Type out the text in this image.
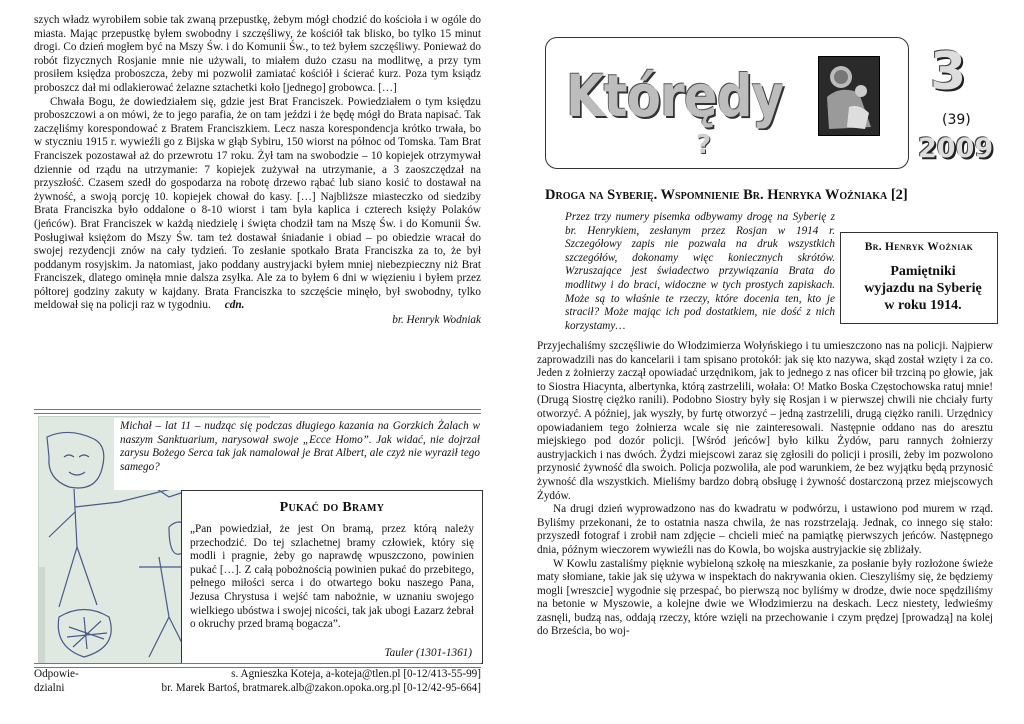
szych władz wyrobiłem sobie tak zwaną przepustkę, żebym mógł chodzić do kościoła i w ogóle do miasta. Mając przepustkę byłem swobodny i szczęśliwy, że kościół tak blisko, bo tylko 15 minut drogi. Co dzień mogłem być na Mszy Św. i do Komunii Św., to też byłem szczęśliwy. Ponieważ do robót fizycznych Rosjanie mnie nie używali, to miałem dużo czasu na modlitwę, a przy tym prosiłem księdza proboszcza, żeby mi pozwolił zamiatać kościół i ścierać kurz. Poza tym ksiądz proboszcz dał mi odlakierować żelazne sztachetki koło [jednego] grobowca. […]

Chwała Bogu, że dowiedziałem się, gdzie jest Brat Franciszek. Powiedziałem o tym księdzu proboszczowi a on mówi, że to jego parafia, że on tam jeździ i że będę mógł do Brata napisać. Tak zaczęliśmy korespondować z Bratem Franciszkiem. Lecz nasza korespondencja krótko trwała, bo w styczniu 1915 r. wywieźli go z Bijska w głąb Sybiru, 150 wiorst na północ od Tomska. Tam Brat Franciszek pozostawał aż do przewrotu 17 roku. Żył tam na swobodzie – 10 kopiejek otrzymywał dziennie od rządu na utrzymanie: 7 kopiejek zużywał na utrzymanie, a 3 zaoszczędzał na przyszłość. Czasem szedł do gospodarza na robotę drzewo rąbać lub siano kosić to dostawał na żywność, a swoją porcję 10. kopiejek chował do kasy. […] Najbliższe miasteczko od siedziby Brata Franciszka było oddalone o 8-10 wiorst i tam była kaplica i czterech księży Polaków (jeńców). Brat Franciszek w każdą niedzielę i święta chodził tam na Mszę Św. i do Komunii Św. Posługiwał księżom do Mszy Św. tam też dostawał śniadanie i obiad – po obiedzie wracał do swojej rezydencji znów na cały tydzień. To zesłanie spotkało Brata Franciszka za to, że był poddanym rosyjskim. Ja natomiast, jako poddany austryjacki byłem mniej niebezpieczny niż Brat Franciszek, dlatego ominęła mnie dalsza zsyłka. Ale za to byłem 6 dni w więzieniu i byłem przez półtorej godziny zakuty w kajdany. Brata Franciszka to szczęście minęło, był swobodny, tylko meldował się na policji raz w tygodniu. cdn.

br. Henryk Wodniak
Michał – lat 11 – nudząc się podczas długiego kazania na Gorzkich Żalach w naszym Sanktuarium, narysował swoje „Ecce Homo”. Jak widać, nie dojrzał zarysu Bożego Serca tak jak namalował je Brat Albert, ale czyż nie wyraził tego samego?
Pukać do Bramy
„Pan powiedział, że jest On bramą, przez którą należy przechodzić. Do tej szlachetnej bramy człowiek, który się modli i pragnie, żeby go naprawdę wpuszczono, powinien pukać […]. Z całą pobożnością powinien pukać do przebitego, pełnego miłości serca i do otwartego boku naszego Pana, Jezusa Chrystusa i wejść tam nabożnie, w uznaniu swojego wielkiego ubóstwa i swojej nicości, tak jak ubogi Łazarz żebrał o okruchy przed bramą bogacza”.
Tauler (1301-1361)
Odpowie-	s. Agnieszka Koteja, a-koteja@tlen.pl [0-12/413-55-99]
dzialni	br. Marek Bartoś, bratmarek.alb@zakon.opoka.org.pl [0-12/42-95-664]
Którędy
?
3
(39)
2009
Droga na Syberię. Wspomnienie Br. Henryka Woźniaka [2]
Przez trzy numery pisemka odbywamy drogę na Syberię z br. Henrykiem, zesłanym przez Rosjan w 1914 r. Szczegółowy zapis nie pozwala na druk wszystkich szczegółów, dokonamy więc koniecznych skrótów. Wzruszające jest świadectwo przywiązania Brata do modlitwy i do braci, widoczne w tych prostych zapiskach. Może są to właśnie te rzeczy, które docenia ten, kto je stracił? Może mając ich pod dostatkiem, nie dość z nich korzystamy…
Br. Henryk Woźniak
Pamiętniki
wyjazdu na Syberię
w roku 1914.

Przyjechaliśmy szczęśliwie do Włodzimierza Wołyńskiego i tu umieszczono nas na policji. Najpierw zaprowadzili nas do kancelarii i tam spisano protokół: jak się kto nazywa, skąd został wzięty i za co. Jeden z żołnierzy zaczął opowiadać urzędnikom, jak to jednego z nas oficer bił trzciną po głowie, jak to Siostra Hiacynta, albertynka, którą zastrzelili, wołała: O! Matko Boska Częstochowska ratuj mnie! (Drugą Siostrę ciężko ranili). Podobno Siostry były się Rosjan i w pierwszej chwili nie chciały furty otworzyć. A później, jak wyszły, by furtę otworzyć – jedną zastrzelili, drugą ciężko ranili. Urzędnicy opowiadaniem tego żołnierza wcale się nie zainteresowali. Następnie oddano nas do aresztu miejskiego pod dozór policji. [Wśród jeńców] było kilku Żydów, paru rannych żołnierzy austryjackich i nas dwóch. Żydzi miejscowi zaraz się zgłosili do policji i prosili, żeby im pozwolono przynosić żywność dla swoich. Policja pozwoliła, ale pod warunkiem, że bez wyjątku będą przynosić żywność dla wszystkich. Mieliśmy bardzo dobrą obsługę i żywność dostarczoną przez miejscowych Żydów.

Na drugi dzień wyprowadzono nas do kwadratu w podwórzu, i ustawiono pod murem w rząd. Byliśmy przekonani, że to ostatnia nasza chwila, że nas rozstrzelają. Jednak, co innego się stało: przyszedł fotograf i zrobił nam zdjęcie – chcieli mieć na pamiątkę pierwszych jeńców. Następnego dnia, późnym wieczorem wywieźli nas do Kowla, bo wojska austryjackie się zbliżały.

W Kowlu zastaliśmy pięknie wybieloną szkołę na mieszkanie, za posłanie były rozłożone świeże maty słomiane, takie jak się używa w inspektach do nakrywania okien. Cieszyliśmy się, że będziemy mogli [wreszcie] wygodnie się przespać, bo pierwszą noc byliśmy w drodze, dwie noce spędziliśmy na betonie w Myszowie, a kolejne dwie we Włodzimierzu na deskach. Lecz niestety, ledwieśmy zasnęli, budzą nas, oddają rzeczy, które wzięli na przechowanie i czym prędzej [prowadzą] na kolej do Brześcia, bo woj-
